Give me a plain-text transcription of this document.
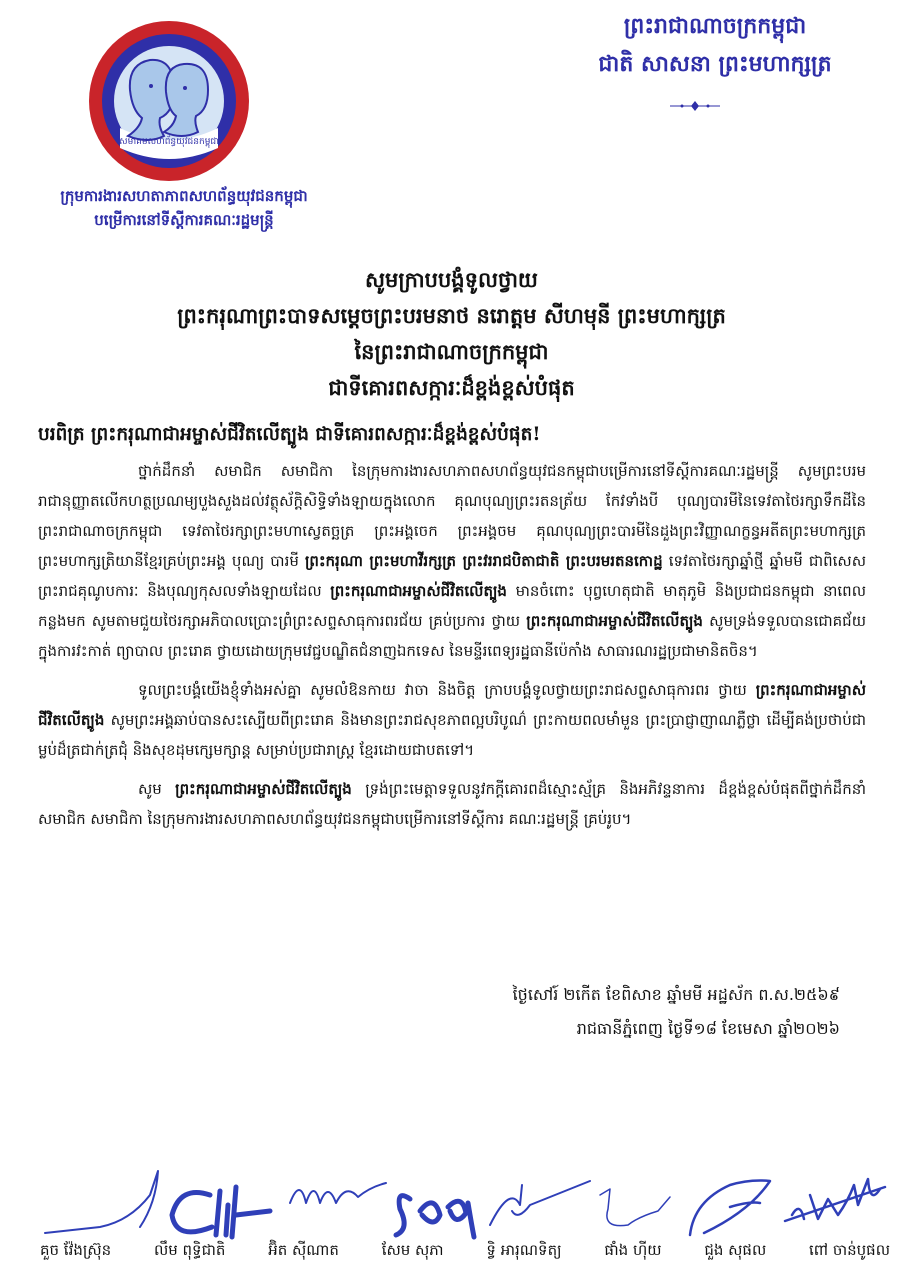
សមាគមសហព័ន្ធយុវជនកម្ពុជា
ក្រុមការងារសហតាភាពសហព័ន្ធយុវជនកម្ពុជា
បម្រើការនៅទីស្តីការគណៈរដ្ឋមន្ត្រី
ព្រះរាជាណាចក្រកម្ពុជា
ជាតិ សាសនា ព្រះមហាក្សត្រ
សូមក្រាបបង្គំទូលថ្វាយ
ព្រះករុណាព្រះបាទសម្តេចព្រះបរមនាថ នរោត្តម សីហមុនី ព្រះមហាក្សត្រ
នៃព្រះរាជាណាចក្រកម្ពុជា
ជាទីគោរពសក្ការៈដ៏ខ្ពង់ខ្ពស់បំផុត
បរពិត្រ ព្រះករុណាជាអម្ចាស់ជីវិតលើត្បូង ជាទីគោរពសក្ការៈដ៏ខ្ពង់ខ្ពស់បំផុត!

ថ្នាក់ដឹកនាំ សមាជិក សមាជិកា នៃក្រុមការងារសហភាពសហព័ន្ធយុវជនកម្ពុជាបម្រើការនៅទីស្តីការគណៈរដ្ឋមន្ត្រី សូមព្រះបរមរាជានុញ្ញាតលើកហត្ថប្រណម្យបួងសួងដល់វត្ថុស័ក្តិសិទ្ធិទាំងឡាយក្នុងលោក គុណបុណ្យព្រះរតនត្រ័យ កែវទាំងបី បុណ្យបារមីនៃទេវតាថៃរក្សាទឹកដីនៃព្រះរាជាណាចក្រកម្ពុជា ទេវតាថៃរក្សាព្រះមហាស្វេតច្ឆត្រ ព្រះអង្គចេក ព្រះអង្គចម គុណបុណ្យព្រះបារមីនៃដួងព្រះវិញ្ញាណក្ខន្ធអតីតព្រះមហាក្សត្រ ព្រះមហាក្សត្រិយានីខ្មែរគ្រប់ព្រះអង្គ បុណ្យ បារមី ព្រះករុណា ព្រះមហាវីរក្សត្រ ព្រះវររាជបិតាជាតិ ព្រះបរមរតនកោដ្ឋ ទេវតាថៃរក្សាឆ្នាំថ្មី ឆ្នាំមមី ជាពិសេសព្រះរាជគុណូបការៈ និងបុណ្យកុសលទាំងឡាយដែល ព្រះករុណាជាអម្ចាស់ជីវិតលើត្បូង មានចំពោះ បុព្វហេតុជាតិ មាតុភូមិ និងប្រជាជនកម្ពុជា នាពេលកន្លងមក សូមតាមជួយថៃរក្សាអភិបាលប្រោះព្រំព្រះសព្ទសាធុការពរជ័យ គ្រប់ប្រការ ថ្វាយ ព្រះករុណាជាអម្ចាស់ជីវិតលើត្បូង សូមទ្រង់ទទួលបានជោគជ័យក្នុងការវះកាត់ ព្យាបាល ព្រះរោគ ថ្វាយដោយក្រុមវេជ្ជបណ្ឌិតជំនាញឯកទេស នៃមន្ទីរពេទ្យរដ្ឋធានីប៉េកាំង សាធារណរដ្ឋប្រជាមានិតចិន។

ទូលព្រះបង្គំយើងខ្ញុំទាំងអស់គ្នា សូមលំឱនកាយ វាចា និងចិត្ត ក្រាបបង្គំទូលថ្វាយព្រះរាជសព្ទសាធុការពរ ថ្វាយ ព្រះករុណាជាអម្ចាស់ជីវិតលើត្បូង សូមព្រះអង្គឆាប់បានសះស្បើយពីព្រះរោគ និងមានព្រះរាជសុខភាពល្អបរិបូណ៌ ព្រះកាយពលមាំមួន ព្រះប្រាជ្ញាញាណភ្លឺថ្លា ដើម្បីគង់ប្រថាប់ជាម្លប់ដ៏ត្រជាក់ត្រជុំ និងសុខដុមក្សេមក្សាន្ត សម្រាប់ប្រជារាស្ត្រ ខ្មែរដោយជាបតទៅ។

សូម ព្រះករុណាជាអម្ចាស់ជីវិតលើត្បូង ទ្រង់ព្រះមេត្តាទទួលនូវកក្តីគោរពដ៏ស្មោះស្ម័គ្រ និងអភិវន្ទនាការ ដ៏ខ្ពង់ខ្ពស់បំផុតពីថ្នាក់ដឹកនាំ សមាជិក សមាជិកា នៃក្រុមការងារសហភាពសហព័ន្ធយុវជនកម្ពុជាបម្រើការនៅទីស្តីការ គណៈរដ្ឋមន្ត្រី គ្រប់រូប។

ថ្ងៃសៅរ៍ ២កើត ខែពិសាខ ឆ្នាំមមី អដ្ឋស័ក ព.ស.២៥៦៩
រាជធានីភ្នំពេញ ថ្ងៃទី១៨ ខែមេសា ឆ្នាំ២០២៦
គួច វ៉ែងស្រ៊ុន	លឹម ពុទ្ធិជាតិ	អ៊ិត ស៊ីណាត	សែម សុភា	ទិ្វ អារុណទិត្យ	ផាំង ហុីយ	ជួង សុផល	ពៅ ចាន់បូផល
